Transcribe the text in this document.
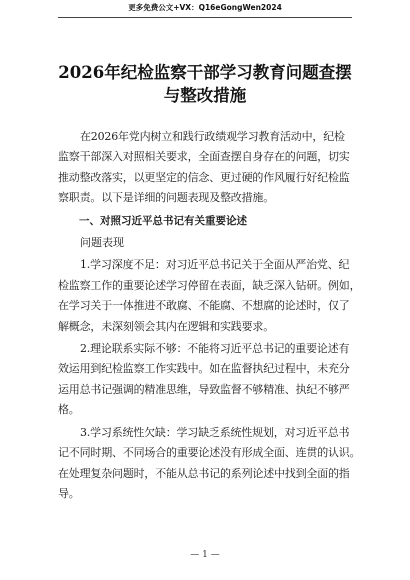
更多免费公文+VX：Q16eGongWen2024
2026年纪检监察干部学习教育问题查摆
与整改措施
在2026年党内树立和践行政绩观学习教育活动中，纪检
监察干部深入对照相关要求，全面查摆自身存在的问题，切实
推动整改落实，以更坚定的信念、更过硬的作风履行好纪检监
察职责。以下是详细的问题表现及整改措施。
一、对照习近平总书记有关重要论述
问题表现
1.学习深度不足：对习近平总书记关于全面从严治党、纪
检监察工作的重要论述学习停留在表面，缺乏深入钻研。例如，
在学习关于一体推进不敢腐、不能腐、不想腐的论述时，仅了
解概念，未深刻领会其内在逻辑和实践要求。
2.理论联系实际不够：不能将习近平总书记的重要论述有
效运用到纪检监察工作实践中。如在监督执纪过程中，未充分
运用总书记强调的精准思维，导致监督不够精准、执纪不够严
格。
3.学习系统性欠缺：学习缺乏系统性规划，对习近平总书
记不同时期、不同场合的重要论述没有形成全面、连贯的认识。
在处理复杂问题时，不能从总书记的系列论述中找到全面的指
导。
— 1 —
